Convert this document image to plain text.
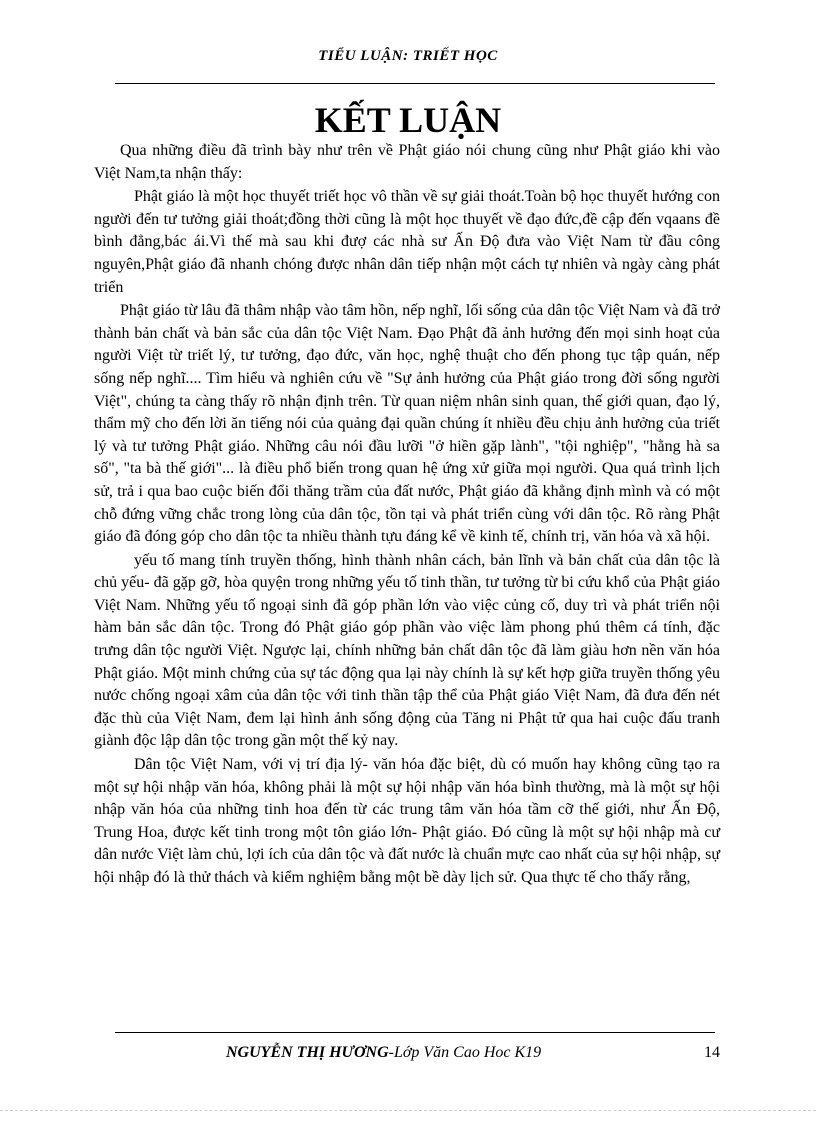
TIỂU LUẬN: TRIẾT HỌC
KẾT LUẬN

Qua những điều đã trình bày như trên về Phật giáo nói chung cũng như Phật giáo khi vào Việt Nam,ta nhận thấy:

Phật giáo là một học thuyết triết học vô thần về sự giải thoát.Toàn bộ học thuyết hướng con người đến tư tưởng giải thoát;đồng thời cũng là một học thuyết về đạo đức,đề cập đến vqaans đề bình đẳng,bác ái.Vì thế mà sau khi đượ các nhà sư Ấn Độ đưa vào Việt Nam từ đầu công nguyên,Phật giáo đã nhanh chóng được nhân dân tiếp nhận một cách tự nhiên và ngày càng phát triển

Phật giáo từ lâu đã thâm nhập vào tâm hồn, nếp nghĩ, lối sống của dân tộc Việt Nam và đã trở thành bản chất và bản sắc của dân tộc Việt Nam. Đạo Phật đã ảnh hưởng đến mọi sinh hoạt của người Việt từ triết lý, tư tưởng, đạo đức, văn học, nghệ thuật cho đến phong tục tập quán, nếp sống nếp nghĩ.... Tìm hiểu và nghiên cứu về "Sự ảnh hưởng của Phật giáo trong đời sống người Việt", chúng ta càng thấy rõ nhận định trên. Từ quan niệm nhân sinh quan, thế giới quan, đạo lý, thẩm mỹ cho đến lời ăn tiếng nói của quảng đại quần chúng ít nhiều đều chịu ảnh hưởng của triết lý và tư tưởng Phật giáo. Những câu nói đầu lưỡi "ở hiền gặp lành", "tội nghiệp", "hằng hà sa số", "ta bà thế giới"... là điều phổ biến trong quan hệ ứng xử giữa mọi người. Qua quá trình lịch sử, trả i qua bao cuộc biến đổi thăng trầm của đất nước, Phật giáo đã khẳng định mình và có một chỗ đứng vững chắc trong lòng của dân tộc, tồn tại và phát triển cùng với dân tộc. Rõ ràng Phật giáo đã đóng góp cho dân tộc ta nhiều thành tựu đáng kể về kinh tế, chính trị, văn hóa và xã hội.

yếu tố mang tính truyền thống, hình thành nhân cách, bản lĩnh và bản chất của dân tộc là chủ yếu- đã gặp gỡ, hòa quyện trong những yếu tố tinh thần, tư tưởng từ bi cứu khổ của Phật giáo Việt Nam. Những yếu tố ngoại sinh đã góp phần lớn vào việc củng cố, duy trì và phát triển nội hàm bản sắc dân tộc. Trong đó Phật giáo góp phần vào việc làm phong phú thêm cá tính, đặc trưng dân tộc người Việt. Ngược lại, chính những bản chất dân tộc đã làm giàu hơn nền văn hóa Phật giáo. Một minh chứng của sự tác động qua lại này chính là sự kết hợp giữa truyền thống yêu nước chống ngoại xâm của dân tộc với tinh thần tập thể của Phật giáo Việt Nam, đã đưa đến nét đặc thù của Việt Nam, đem lại hình ảnh sống động của Tăng ni Phật tử qua hai cuộc đấu tranh giành độc lập dân tộc trong gần một thế kỷ nay.

Dân tộc Việt Nam, với vị trí địa lý- văn hóa đặc biệt, dù có muốn hay không cũng tạo ra một sự hội nhập văn hóa, không phải là một sự hội nhập văn hóa bình thường, mà là một sự hội nhập văn hóa của những tinh hoa đến từ các trung tâm văn hóa tầm cỡ thế giới, như Ấn Độ, Trung Hoa, được kết tinh trong một tôn giáo lớn- Phật giáo. Đó cũng là một sự hội nhập mà cư dân nước Việt làm chủ, lợi ích của dân tộc và đất nước là chuẩn mực cao nhất của sự hội nhập, sự hội nhập đó là thử thách và kiểm nghiệm bằng một bề dày lịch sử. Qua thực tế cho thấy rằng,

NGUYỄN THỊ HƯƠNG-Lớp Văn Cao Hoc K19	14
